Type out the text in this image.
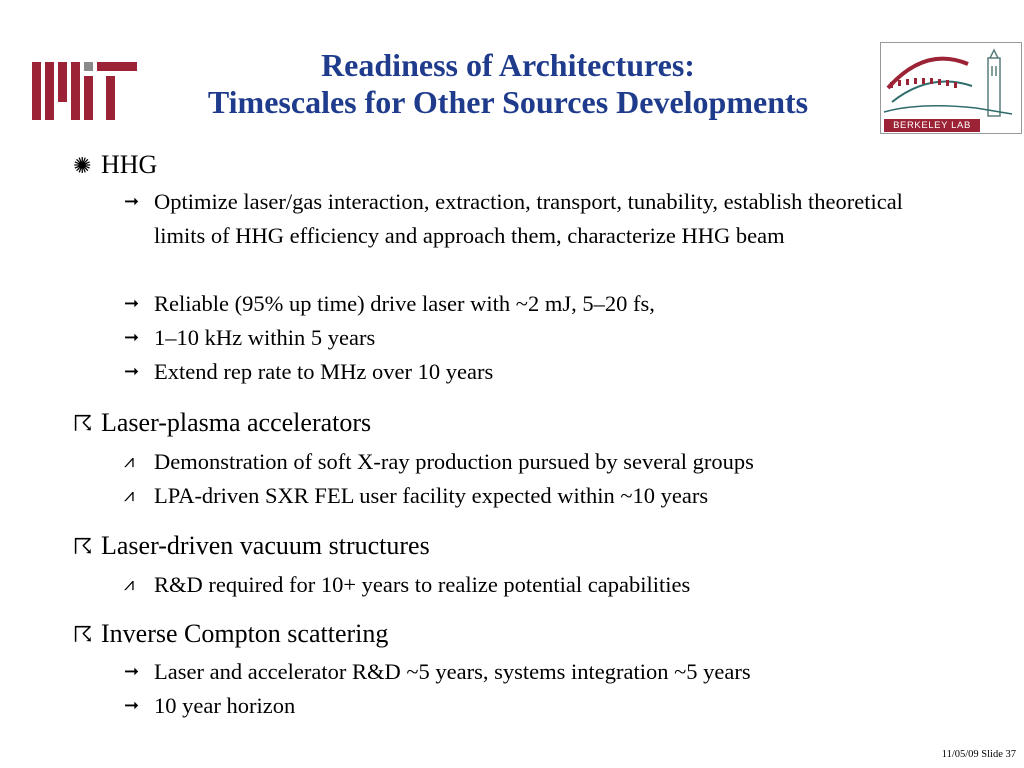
Readiness of Architectures:
Timescales for Other Sources Developments
BERKELEY LAB
✺ HHG
➞ Optimize laser/gas interaction, extraction, transport, tunability, establish theoretical limits of HHG efficiency and approach them, characterize HHG beam
➞ Reliable (95% up time) drive laser with ~2 mJ, 5–20 fs,
➞ 1–10 kHz within 5 years
➞ Extend rep rate to MHz over 10 years
☈ Laser-plasma accelerators
⩘ Demonstration of soft X-ray production pursued by several groups
⩘ LPA-driven SXR FEL user facility expected within ~10 years
☈ Laser-driven vacuum structures
⩘ R&D required for 10+ years to realize potential capabilities
☈ Inverse Compton scattering
➞ Laser and accelerator R&D ~5 years, systems integration ~5 years
➞ 10 year horizon
11/05/09 Slide 37
